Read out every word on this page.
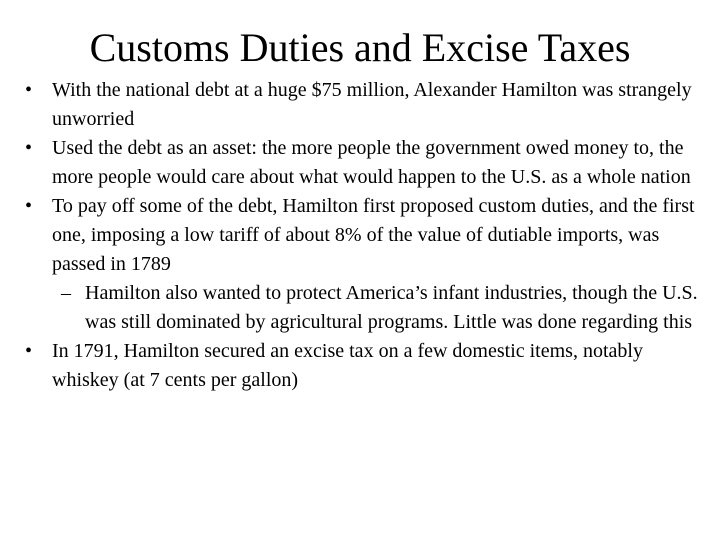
Customs Duties and Excise Taxes
• With the national debt at a huge $75 million, Alexander Hamilton was strangely unworried
• Used the debt as an asset: the more people the government owed money to, the more people would care about what would happen to the U.S. as a whole nation
• To pay off some of the debt, Hamilton first proposed custom duties, and the first one, imposing a low tariff of about 8% of the value of dutiable imports, was passed in 1789
– Hamilton also wanted to protect America’s infant industries, though the U.S. was still dominated by agricultural programs. Little was done regarding this
• In 1791, Hamilton secured an excise tax on a few domestic items, notably whiskey (at 7 cents per gallon)
